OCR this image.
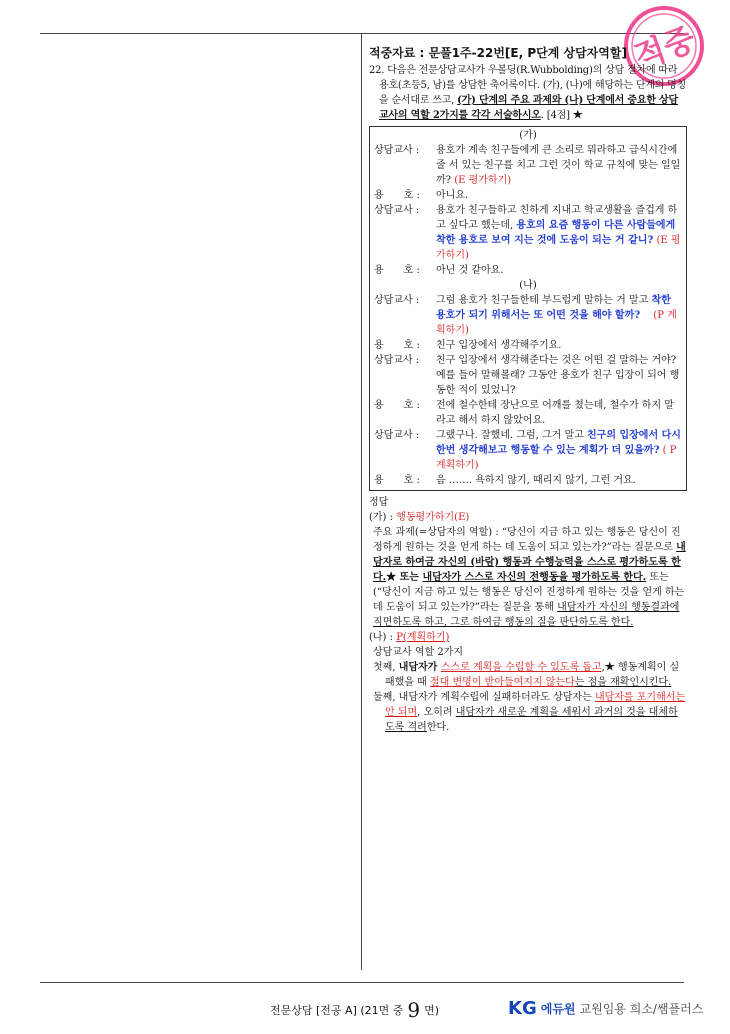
적중
적중자료 : 문풀1주-22번[E, P단계 상담자역할]
22. 다음은 전문상담교사가 우볼딩(R.Wubbolding)의 상담 절차에 따라 용호(초등5, 남)를 상담한 축어록이다. (가), (나)에 해당하는 단계의 명칭을 순서대로 쓰고, (가) 단계의 주요 과제와 (나) 단계에서 중요한 상담교사의 역할 2가지를 각각 서술하시오. [4점] ★
(가)
상담교사 :	용호가 계속 친구들에게 큰 소리로 뭐라하고 급식시간에 줄 서 있는 친구를 치고 그런 것이 학교 규칙에 맞는 일일까? (E 평가하기)
용　　호 :	아니요.
상담교사 :	용호가 친구들하고 친하게 지내고 학교생활을 즐겁게 하고 싶다고 했는데, 용호의 요즘 행동이 다른 사람들에게 착한 용호로 보여 지는 것에 도움이 되는 거 같니? (E 평가하기)
용　　호 :	아닌 것 같아요.
(나)
상담교사 :	그럼 용호가 친구들한테 부드럽게 말하는 거 말고 착한 용호가 되기 위해서는 또 어떤 것을 해야 할까?　 (P 계획하기)
용　　호 :	친구 입장에서 생각해주기요.
상담교사 :	친구 입장에서 생각해준다는 것은 어떤 걸 말하는 거야? 예를 들어 말해볼래? 그동안 용호가 친구 입장이 되어 행동한 적이 있었니?
용　　호 :	전에 철수한테 장난으로 어깨를 쳤는데, 철수가 하지 말라고 해서 하지 않았어요.
상담교사 :	그랬구나. 잘했네. 그럼, 그거 말고 친구의 입장에서 다시 한번 생각해보고 행동할 수 있는 계획가 더 있을까? ( P 계획하기)
용　　호 :	음 ……. 욕하지 않기, 때리지 않기, 그런 거요.
정답
(가) : 행동평가하기(E)
주요 과제(=상담자의 역할) : “당신이 지금 하고 있는 행동은 당신이 진정하게 원하는 것을 얻게 하는 데 도움이 되고 있는가?”라는 질문으로 내담자로 하여금 자신의 (바람) 행동과 수행능력을 스스로 평가하도록 한다.★ 또는 내담자가 스스로 자신의 전행동을 평가하도록 한다. 또는 (“당신이 지금 하고 있는 행동은 당신이 진정하게 원하는 것을 얻게 하는 데 도움이 되고 있는가?”라는 질문을 통해 내담자가 자신의 행동결과에 직면하도록 하고, 그로 하여금 행동의 질을 판단하도록 한다.
(나) : P(계획하기)
상담교사 역할 2가지
첫째, 내담자가 스스로 계획을 수립할 수 있도록 돕고,★ 행동계획이 실패했을 때 절대 변명이 받아들여지지 않는다는 점을 재확인시킨다.
둘째, 내담자가 계획수립에 실패하더라도 상담자는 내담자를 포기해서는 안 되며, 오히려 내담자가 새로운 계획을 세워서 과거의 것을 대체하도록 격려한다.
전문상담 [전공 A] (21면 중 9 면)	KG 에듀원 교원임용 희소/쌤플러스
